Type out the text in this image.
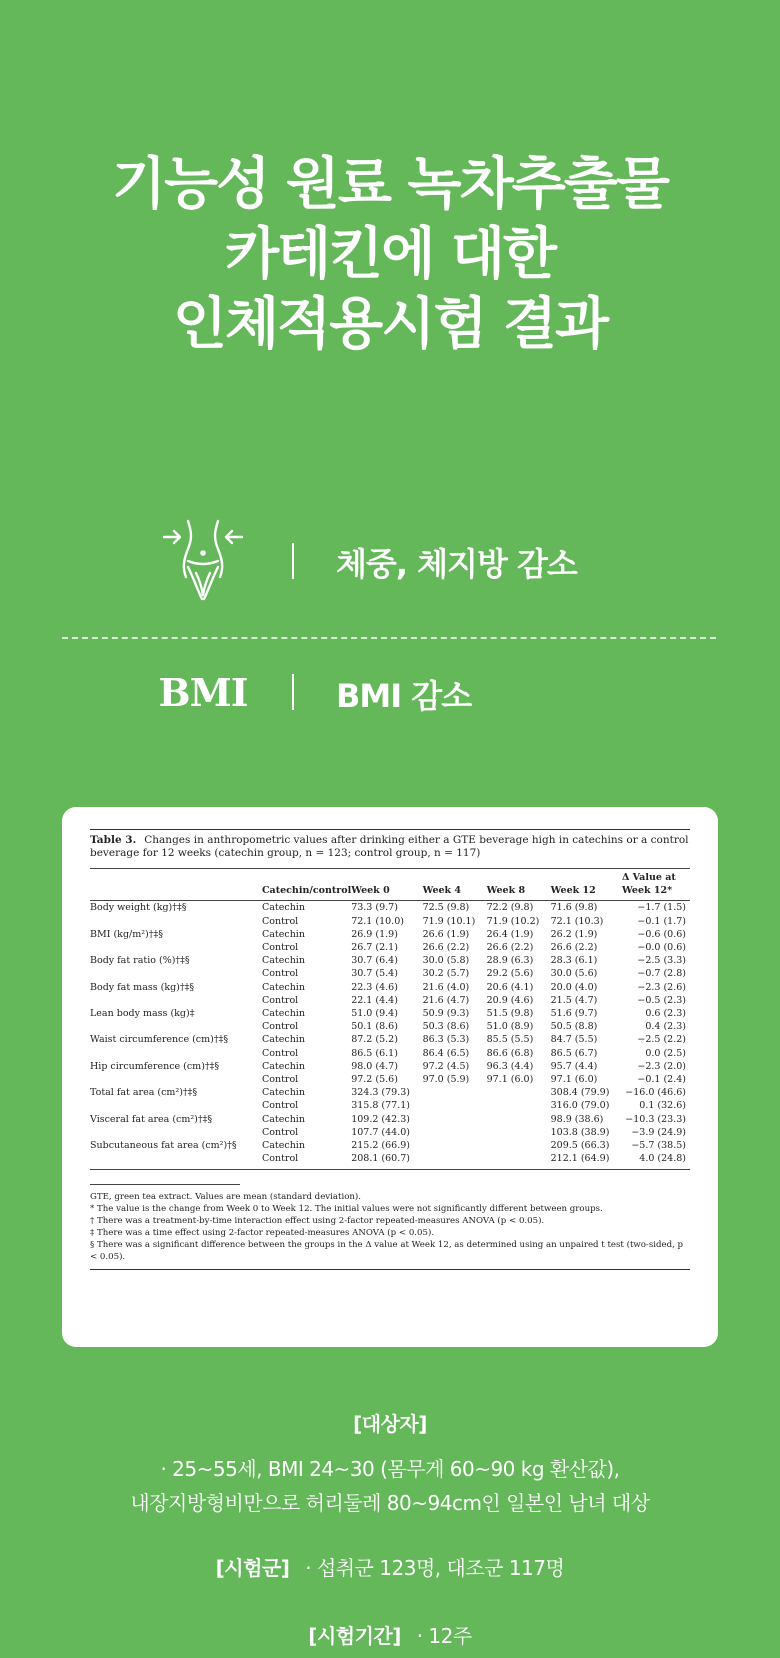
기능성 원료 녹차추출물
카테킨에 대한
인체적용시험 결과
체중, 체지방 감소
BMI	BMI 감소
Table 3. Changes in anthropometric values after drinking either a GTE beverage high in catechins or a control beverage for 12 weeks (catechin group, n = 123; control group, n = 117)
	Catechin/control	Week 0	Week 4	Week 8	Week 12	Δ Value at Week 12*
Body weight (kg)†‡§	Catechin	73.3 (9.7)	72.5 (9.8)	72.2 (9.8)	71.6 (9.8)	−1.7 (1.5)
	Control	72.1 (10.0)	71.9 (10.1)	71.9 (10.2)	72.1 (10.3)	−0.1 (1.7)
BMI (kg/m²)†‡§	Catechin	26.9 (1.9)	26.6 (1.9)	26.4 (1.9)	26.2 (1.9)	−0.6 (0.6)
	Control	26.7 (2.1)	26.6 (2.2)	26.6 (2.2)	26.6 (2.2)	−0.0 (0.6)
Body fat ratio (%)†‡§	Catechin	30.7 (6.4)	30.0 (5.8)	28.9 (6.3)	28.3 (6.1)	−2.5 (3.3)
	Control	30.7 (5.4)	30.2 (5.7)	29.2 (5.6)	30.0 (5.6)	−0.7 (2.8)
Body fat mass (kg)†‡§	Catechin	22.3 (4.6)	21.6 (4.0)	20.6 (4.1)	20.0 (4.0)	−2.3 (2.6)
	Control	22.1 (4.4)	21.6 (4.7)	20.9 (4.6)	21.5 (4.7)	−0.5 (2.3)
Lean body mass (kg)‡	Catechin	51.0 (9.4)	50.9 (9.3)	51.5 (9.8)	51.6 (9.7)	0.6 (2.3)
	Control	50.1 (8.6)	50.3 (8.6)	51.0 (8.9)	50.5 (8.8)	0.4 (2.3)
Waist circumference (cm)†‡§	Catechin	87.2 (5.2)	86.3 (5.3)	85.5 (5.5)	84.7 (5.5)	−2.5 (2.2)
	Control	86.5 (6.1)	86.4 (6.5)	86.6 (6.8)	86.5 (6.7)	0.0 (2.5)
Hip circumference (cm)†‡§	Catechin	98.0 (4.7)	97.2 (4.5)	96.3 (4.4)	95.7 (4.4)	−2.3 (2.0)
	Control	97.2 (5.6)	97.0 (5.9)	97.1 (6.0)	97.1 (6.0)	−0.1 (2.4)
Total fat area (cm²)†‡§	Catechin	324.3 (79.3)			308.4 (79.9)	−16.0 (46.6)
	Control	315.8 (77.1)			316.0 (79.0)	0.1 (32.6)
Visceral fat area (cm²)†‡§	Catechin	109.2 (42.3)			98.9 (38.6)	−10.3 (23.3)
	Control	107.7 (44.0)			103.8 (38.9)	−3.9 (24.9)
Subcutaneous fat area (cm²)†§	Catechin	215.2 (66.9)			209.5 (66.3)	−5.7 (38.5)
	Control	208.1 (60.7)			212.1 (64.9)	4.0 (24.8)
GTE, green tea extract. Values are mean (standard deviation).
* The value is the change from Week 0 to Week 12. The initial values were not significantly different between groups.
† There was a treatment-by-time interaction effect using 2-factor repeated-measures ANOVA (p < 0.05).
‡ There was a time effect using 2-factor repeated-measures ANOVA (p < 0.05).
§ There was a significant difference between the groups in the Δ value at Week 12, as determined using an unpaired t test (two-sided, p < 0.05).
[대상자]
· 25~55세, BMI 24~30 (몸무게 60~90 kg 환산값),
내장지방형비만으로 허리둘레 80~94cm인 일본인 남녀 대상
[시험군] · 섭취군 123명, 대조군 117명
[시험기간] · 12주
